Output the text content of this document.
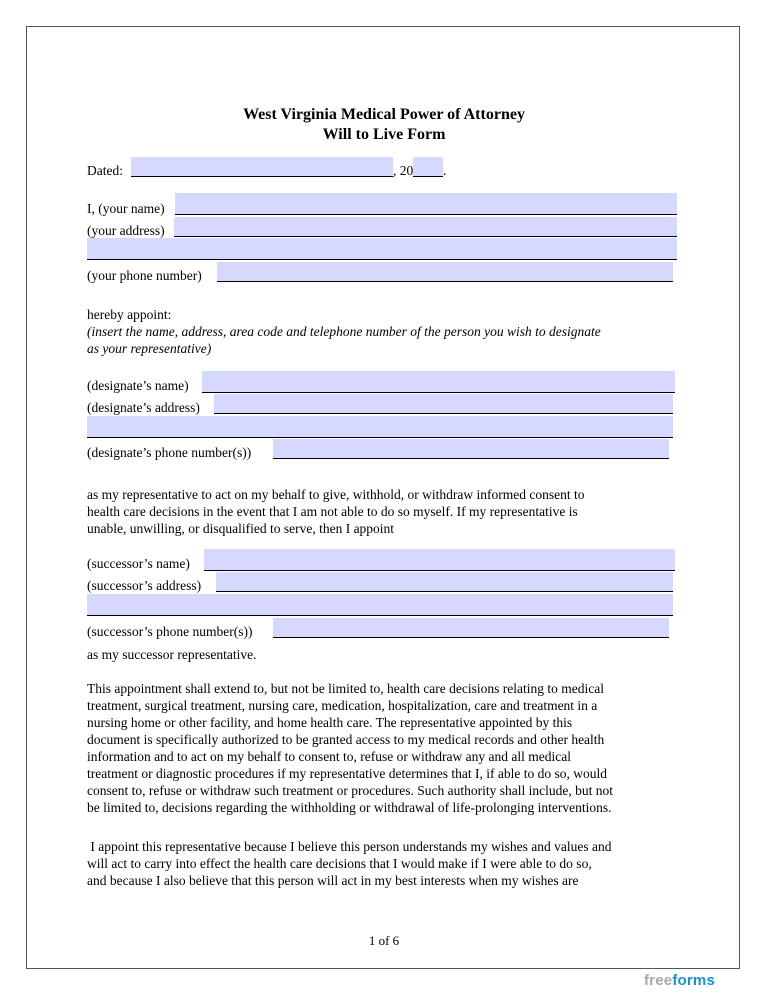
West Virginia Medical Power of Attorney
Will to Live Form
Dated:	, 20 .
I, (your name)
(your address)
(your phone number)
hereby appoint:
(insert the name, address, area code and telephone number of the person you wish to designate
as your representative)
(designate’s name)
(designate’s address)
(designate’s phone number(s))
as my representative to act on my behalf to give, withhold, or withdraw informed consent to
health care decisions in the event that I am not able to do so myself. If my representative is
unable, unwilling, or disqualified to serve, then I appoint
(successor’s name)
(successor’s address)
(successor’s phone number(s))
as my successor representative.
This appointment shall extend to, but not be limited to, health care decisions relating to medical
treatment, surgical treatment, nursing care, medication, hospitalization, care and treatment in a
nursing home or other facility, and home health care. The representative appointed by this
document is specifically authorized to be granted access to my medical records and other health
information and to act on my behalf to consent to, refuse or withdraw any and all medical
treatment or diagnostic procedures if my representative determines that I, if able to do so, would
consent to, refuse or withdraw such treatment or procedures. Such authority shall include, but not
be limited to, decisions regarding the withholding or withdrawal of life-prolonging interventions.
I appoint this representative because I believe this person understands my wishes and values and
will act to carry into effect the health care decisions that I would make if I were able to do so,
and because I also believe that this person will act in my best interests when my wishes are
1 of 6
freeforms
